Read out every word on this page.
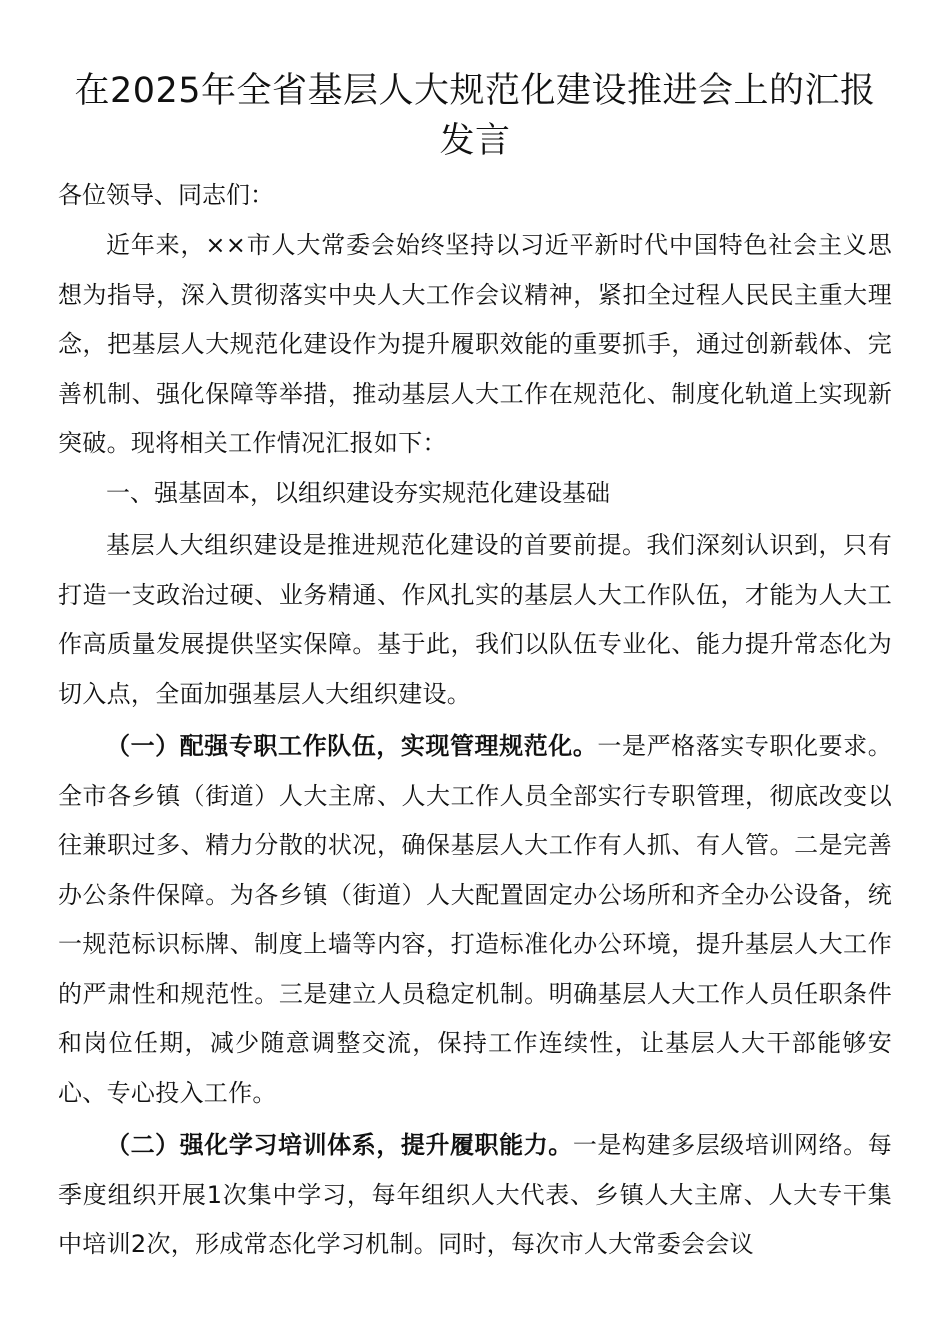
在2025年全省基层人大规范化建设推进会上的汇报发言

各位领导、同志们：

近年来，××市人大常委会始终坚持以习近平新时代中国特色社会主义思想为指导，深入贯彻落实中央人大工作会议精神，紧扣全过程人民民主重大理念，把基层人大规范化建设作为提升履职效能的重要抓手，通过创新载体、完善机制、强化保障等举措，推动基层人大工作在规范化、制度化轨道上实现新突破。现将相关工作情况汇报如下：

一、强基固本，以组织建设夯实规范化建设基础

基层人大组织建设是推进规范化建设的首要前提。我们深刻认识到，只有打造一支政治过硬、业务精通、作风扎实的基层人大工作队伍，才能为人大工作高质量发展提供坚实保障。基于此，我们以队伍专业化、能力提升常态化为切入点，全面加强基层人大组织建设。

（一）配强专职工作队伍，实现管理规范化。一是严格落实专职化要求。全市各乡镇（街道）人大主席、人大工作人员全部实行专职管理，彻底改变以往兼职过多、精力分散的状况，确保基层人大工作有人抓、有人管。二是完善办公条件保障。为各乡镇（街道）人大配置固定办公场所和齐全办公设备，统一规范标识标牌、制度上墙等内容，打造标准化办公环境，提升基层人大工作的严肃性和规范性。三是建立人员稳定机制。明确基层人大工作人员任职条件和岗位任期，减少随意调整交流，保持工作连续性，让基层人大干部能够安心、专心投入工作。

（二）强化学习培训体系，提升履职能力。一是构建多层级培训网络。每季度组织开展1次集中学习，每年组织人大代表、乡镇人大主席、人大专干集中培训2次，形成常态化学习机制。同时，每次市人大常委会会议
